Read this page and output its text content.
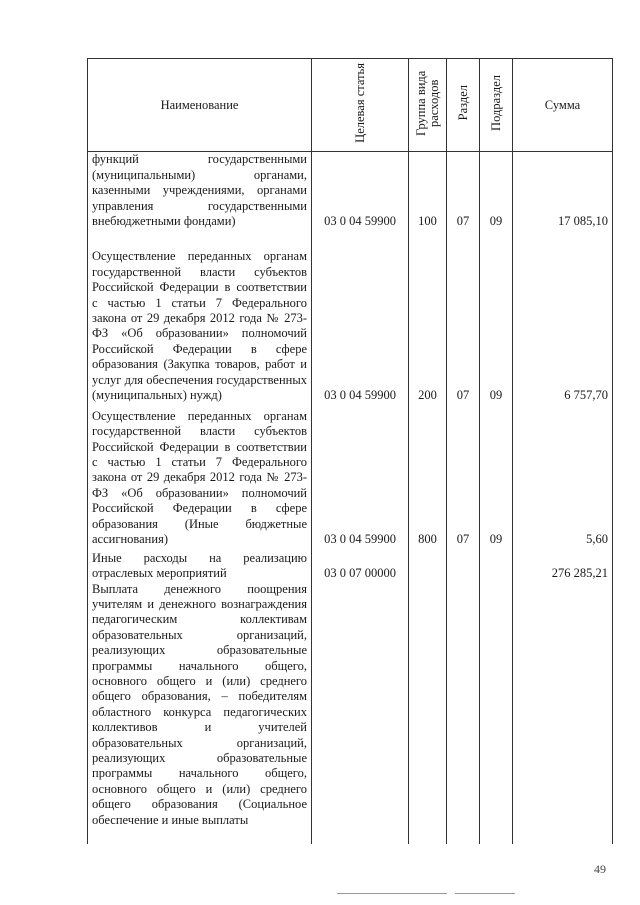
Наименование	Целевая статья	Группа вида расходов	Раздел	Подраздел	Сумма
функций государственными (муниципальными) органами, казенными учреждениями, органами управления государственными внебюджетными фондами)	03 0 04 59900	100	07	09	17 085,10
Осуществление переданных органам государственной власти субъектов Российской Федерации в соответствии с частью 1 статьи 7 Федерального закона от 29 декабря 2012 года № 273-ФЗ «Об образовании» полномочий Российской Федерации в сфере образования (Закупка товаров, работ и услуг для обеспечения государственных (муниципальных) нужд)	03 0 04 59900	200	07	09	6 757,70
Осуществление переданных органам государственной власти субъектов Российской Федерации в соответствии с частью 1 статьи 7 Федерального закона от 29 декабря 2012 года № 273-ФЗ «Об образовании» полномочий Российской Федерации в сфере образования (Иные бюджетные ассигнования)	03 0 04 59900	800	07	09	5,60
Иные расходы на реализацию отраслевых мероприятий	03 0 07 00000				276 285,21
Выплата денежного поощрения учителям и денежного вознаграждения педагогическим коллективам образовательных организаций, реализующих образовательные программы начального общего, основного общего и (или) среднего общего образования, – победителям областного конкурса педагогических коллективов и учителей образовательных организаций, реализующих образовательные программы начального общего, основного общего и (или) среднего общего образования (Социальное обеспечение и иные выплаты					
49
